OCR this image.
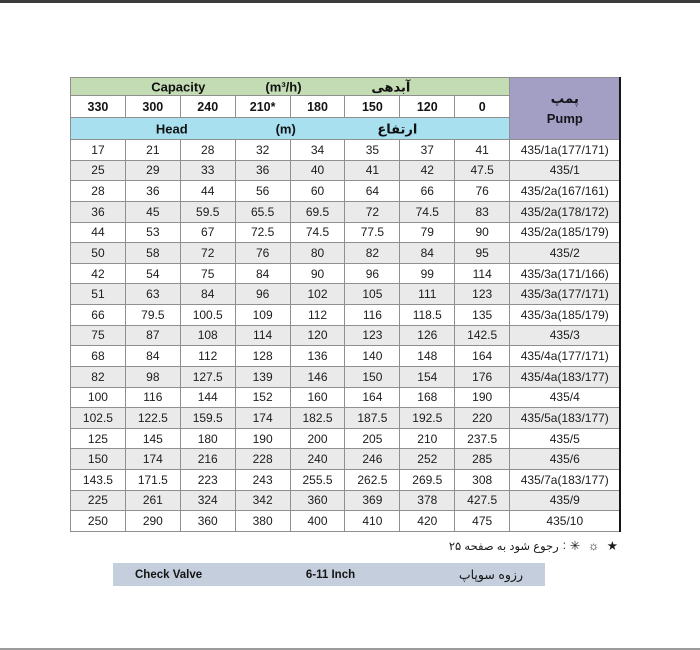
Capacity (m³/h) آبدهی								پمپ
Pump

330	300	240	210*	180	150	120	0	

Head (m) ارتفاع								

17	21	28	32	34	35	37	41	435/1a(177/171)
25	29	33	36	40	41	42	47.5	435/1
28	36	44	56	60	64	66	76	435/2a(167/161)
36	45	59.5	65.5	69.5	72	74.5	83	435/2a(178/172)
44	53	67	72.5	74.5	77.5	79	90	435/2a(185/179)
50	58	72	76	80	82	84	95	435/2
42	54	75	84	90	96	99	114	435/3a(171/166)
51	63	84	96	102	105	111	123	435/3a(177/171)
66	79.5	100.5	109	112	116	118.5	135	435/3a(185/179)
75	87	108	114	120	123	126	142.5	435/3
68	84	112	128	136	140	148	164	435/4a(177/171)
82	98	127.5	139	146	150	154	176	435/4a(183/177)
100	116	144	152	160	164	168	190	435/4
102.5	122.5	159.5	174	182.5	187.5	192.5	220	435/5a(183/177)
125	145	180	190	200	205	210	237.5	435/5
150	174	216	228	240	246	252	285	435/6
143.5	171.5	223	243	255.5	262.5	269.5	308	435/7a(183/177)
225	261	324	342	360	369	378	427.5	435/9
250	290	360	380	400	410	420	475	435/10
★ ☼ ✳
:
رجوع شود به صفحه ۲۵
Check Valve	6-11 Inch	رزوه سوپاپ
